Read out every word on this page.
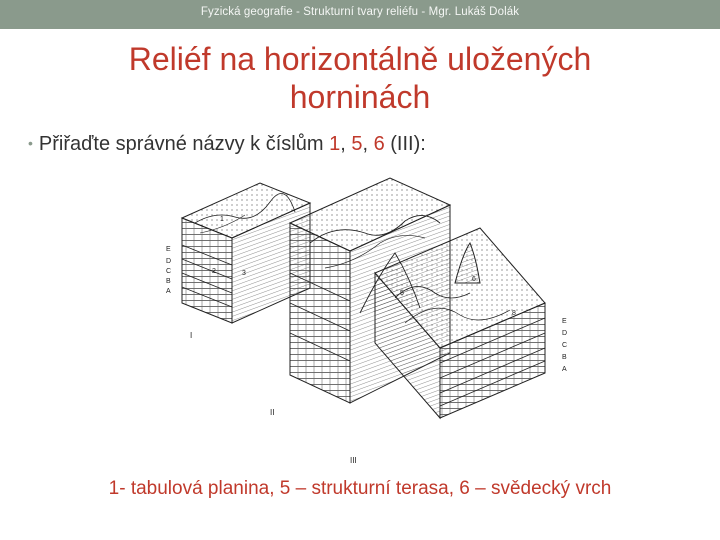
Fyzická geografie - Strukturní tvary reliéfu - Mgr. Lukáš Dolák
Reliéf na horizontálně uložených
horninách
• Přiřaďte správné názvy k číslům 1, 5, 6 (III):
E
D
C
B
A
E
D
C
B
A
I
II
III
1
2	3
5
6
8
1- tabulová planina, 5 – strukturní terasa, 6 – svědecký vrch
